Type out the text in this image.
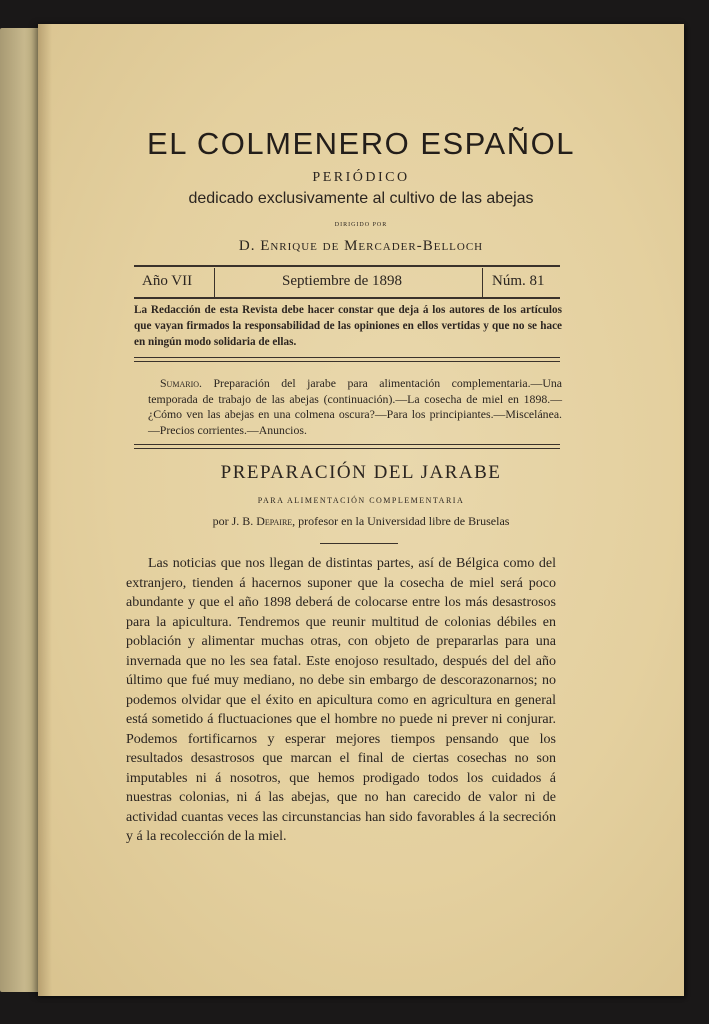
EL COLMENERO ESPAÑOL
PERIÓDICO
dedicado exclusivamente al cultivo de las abejas
DIRIGIDO POR
D. Enrique de Mercader-Belloch
Año VII	Septiembre de 1898	Núm. 81
La Redacción de esta Revista debe hacer constar que deja á los autores de los artículos que vayan firmados la responsabilidad de las opiniones en ellos vertidas y que no se hace en ningún modo solidaria de ellas.
Sumario. Preparación del jarabe para alimentación complementaria.—Una temporada de trabajo de las abejas (continuación).—La cosecha de miel en 1898.—¿Cómo ven las abejas en una colmena oscura?—Para los principiantes.—Miscelánea.—Precios corrientes.—Anuncios.
PREPARACIÓN DEL JARABE
PARA ALIMENTACIÓN COMPLEMENTARIA
por J. B. Depaire, profesor en la Universidad libre de Bruselas
Las noticias que nos llegan de distintas partes, así de Bélgica como del extranjero, tienden á hacernos suponer que la cosecha de miel será poco abundante y que el año 1898 deberá de colocarse entre los más desastrosos para la apicultura. Tendremos que reunir multitud de colonias débiles en población y alimentar muchas otras, con objeto de prepararlas para una invernada que no les sea fatal. Este enojoso resultado, después del del año último que fué muy mediano, no debe sin embargo de descorazonarnos; no podemos olvidar que el éxito en apicultura como en agricultura en general está sometido á fluctuaciones que el hombre no puede ni prever ni conjurar. Podemos fortificarnos y esperar mejores tiempos pensando que los resultados desastrosos que marcan el final de ciertas cosechas no son imputables ni á nosotros, que hemos prodigado todos los cuidados á nuestras colonias, ni á las abejas, que no han carecido de valor ni de actividad cuantas veces las circunstancias han sido favorables á la secreción y á la recolección de la miel.
